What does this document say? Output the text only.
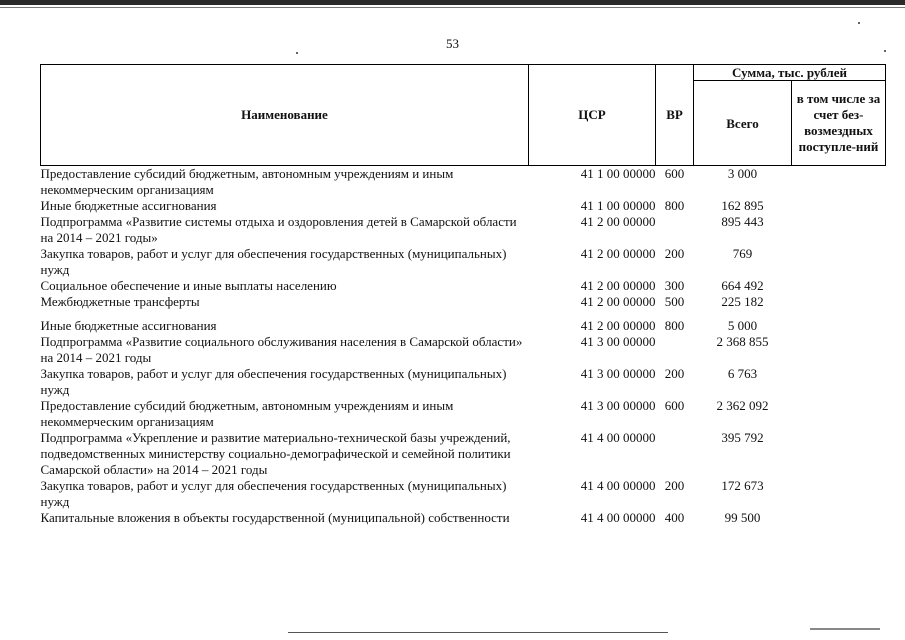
53
Наименование	ЦСР	ВР	Сумма, тыс. рублей	
			Всего	в том числе за счет без-возмездных поступле-ний
Предоставление субсидий бюджетным, автономным учреждениям и иным некоммерческим организациям	41 1 00 00000	600	3 000	
Иные бюджетные ассигнования	41 1 00 00000	800	162 895	
Подпрограмма «Развитие системы отдыха и оздоровления детей в Самарской области на 2014 – 2021 годы»	41 2 00 00000		895 443	
Закупка товаров, работ и услуг для обеспечения государственных (муниципальных) нужд	41 2 00 00000	200	769	
Социальное обеспечение и иные выплаты населению	41 2 00 00000	300	664 492	
Межбюджетные трансферты	41 2 00 00000	500	225 182	
Иные бюджетные ассигнования	41 2 00 00000	800	5 000	
Подпрограмма «Развитие социального обслуживания населения в Самарской области» на 2014 – 2021 годы	41 3 00 00000		2 368 855	
Закупка товаров, работ и услуг для обеспечения государственных (муниципальных) нужд	41 3 00 00000	200	6 763	
Предоставление субсидий бюджетным, автономным учреждениям и иным некоммерческим организациям	41 3 00 00000	600	2 362 092	
Подпрограмма «Укрепление и развитие материально-технической базы учреждений, подведомственных министерству социально-демографической и семейной политики Самарской области» на 2014 – 2021 годы	41 4 00 00000		395 792	
Закупка товаров, работ и услуг для обеспечения государственных (муниципальных) нужд	41 4 00 00000	200	172 673	
Капитальные вложения в объекты государственной (муниципальной) собственности	41 4 00 00000	400	99 500	
